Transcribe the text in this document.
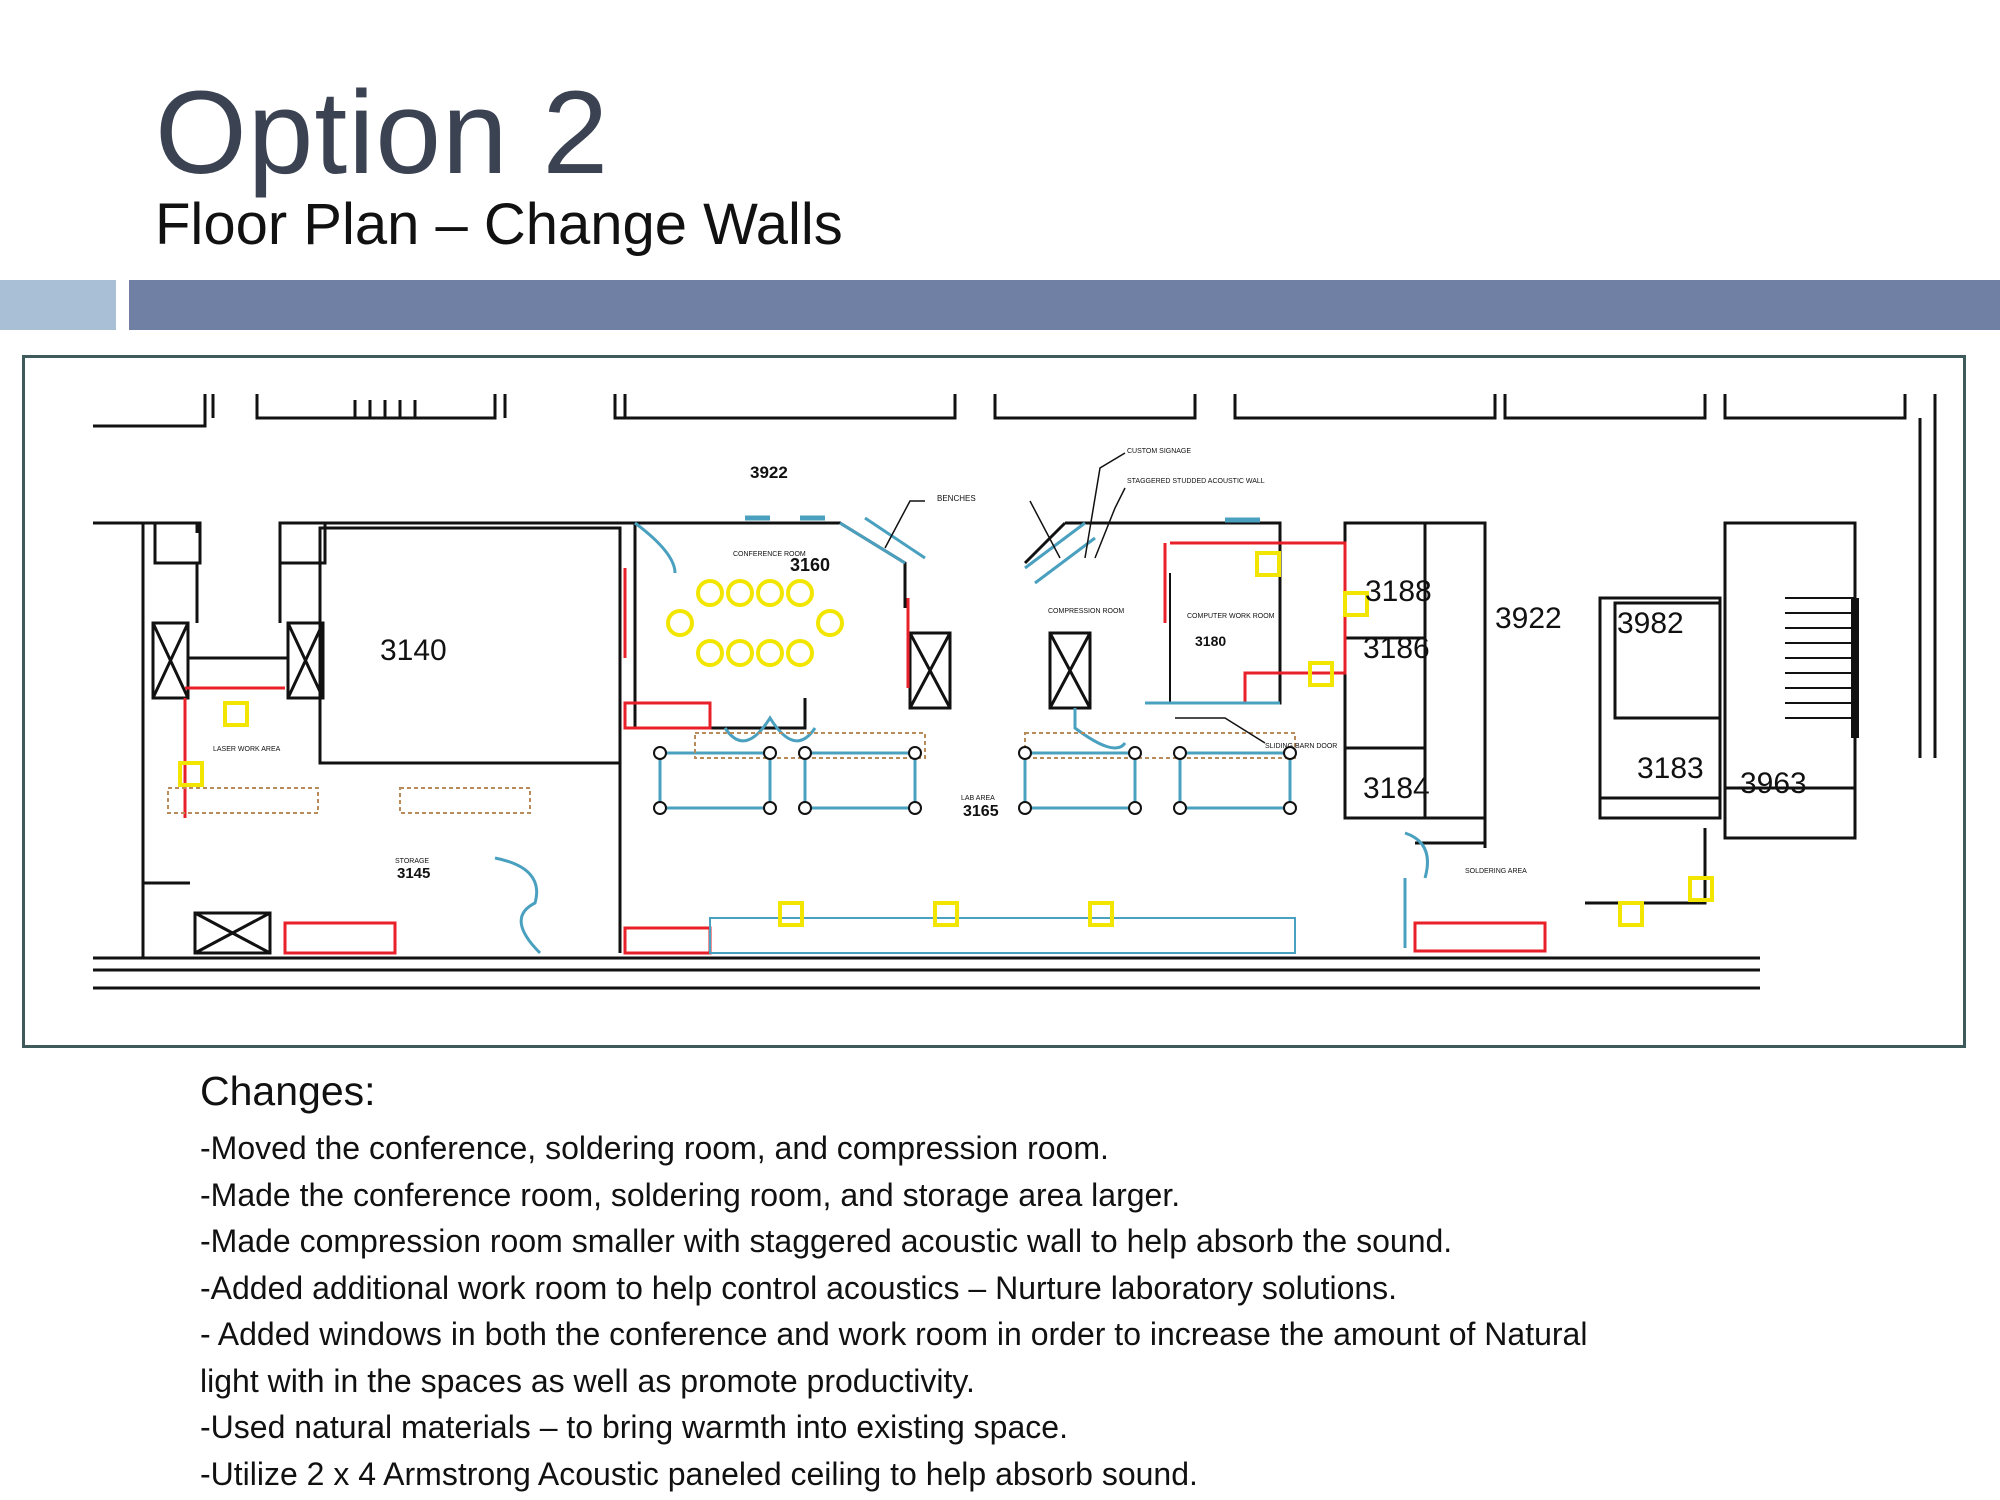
Option 2
Floor Plan – Change Walls
3140
3922
3160
3180
3188
3922 3982
3186
3184
3183 3963
3165
3145
BENCHES
CUSTOM SIGNAGE
STAGGERED STUDDED ACOUSTIC WALL
CONFERENCE ROOM
COMPRESSION ROOM
COMPUTER WORK ROOM
SLIDING BARN DOOR
LASER WORK AREA
STORAGE
LAB AREA
SOLDERING AREA
Changes:
-Moved the conference, soldering room, and compression room.
-Made the conference room, soldering room, and storage area larger.
-Made compression room smaller with staggered acoustic wall to help absorb the sound.
-Added additional work room to help control acoustics – Nurture laboratory solutions.
- Added windows in both the conference and work room in order to increase the amount of Natural
light with in the spaces as well as promote productivity.
-Used natural materials – to bring warmth into existing space.
-Utilize 2 x 4 Armstrong Acoustic paneled ceiling to help absorb sound.
